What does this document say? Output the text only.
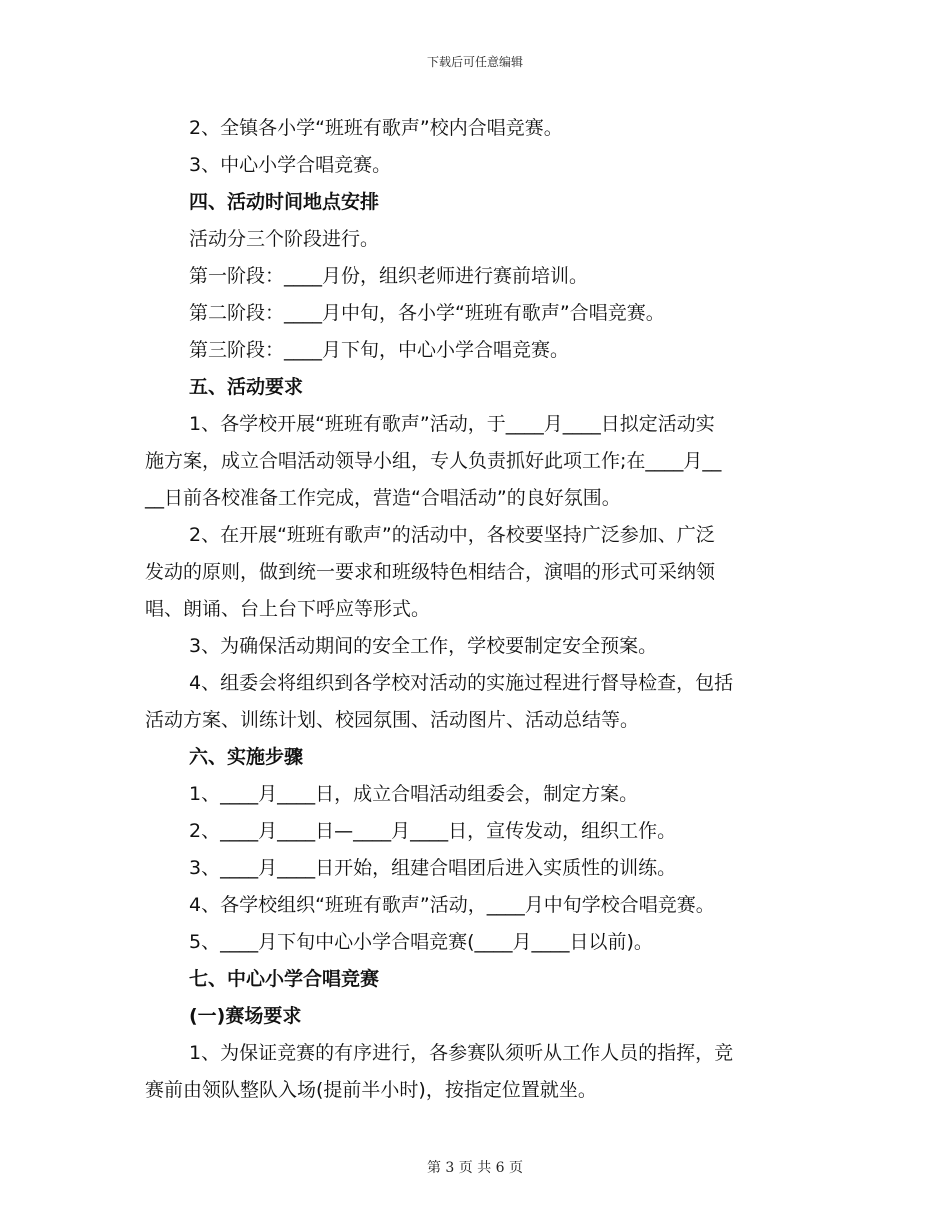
下载后可任意编辑
2、全镇各小学“班班有歌声”校内合唱竞赛。
3、中心小学合唱竞赛。
四、活动时间地点安排
活动分三个阶段进行。
第一阶段：____月份，组织老师进行赛前培训。
第二阶段：____月中旬，各小学“班班有歌声”合唱竞赛。
第三阶段：____月下旬，中心小学合唱竞赛。
五、活动要求
1、各学校开展“班班有歌声”活动，于____月____日拟定活动实
施方案，成立合唱活动领导小组，专人负责抓好此项工作;在____月__
__日前各校准备工作完成，营造“合唱活动”的良好氛围。
2、在开展“班班有歌声”的活动中，各校要坚持广泛参加、广泛
发动的原则，做到统一要求和班级特色相结合，演唱的形式可采纳领
唱、朗诵、台上台下呼应等形式。
3、为确保活动期间的安全工作，学校要制定安全预案。
4、组委会将组织到各学校对活动的实施过程进行督导检查，包括
活动方案、训练计划、校园氛围、活动图片、活动总结等。
六、实施步骤
1、____月____日，成立合唱活动组委会，制定方案。
2、____月____日—____月____日，宣传发动，组织工作。
3、____月____日开始，组建合唱团后进入实质性的训练。
4、各学校组织“班班有歌声”活动，____月中旬学校合唱竞赛。
5、____月下旬中心小学合唱竞赛(____月____日以前)。
七、中心小学合唱竞赛
(一)赛场要求
1、为保证竞赛的有序进行，各参赛队须听从工作人员的指挥，竞
赛前由领队整队入场(提前半小时)，按指定位置就坐。
第 3 页 共 6 页
